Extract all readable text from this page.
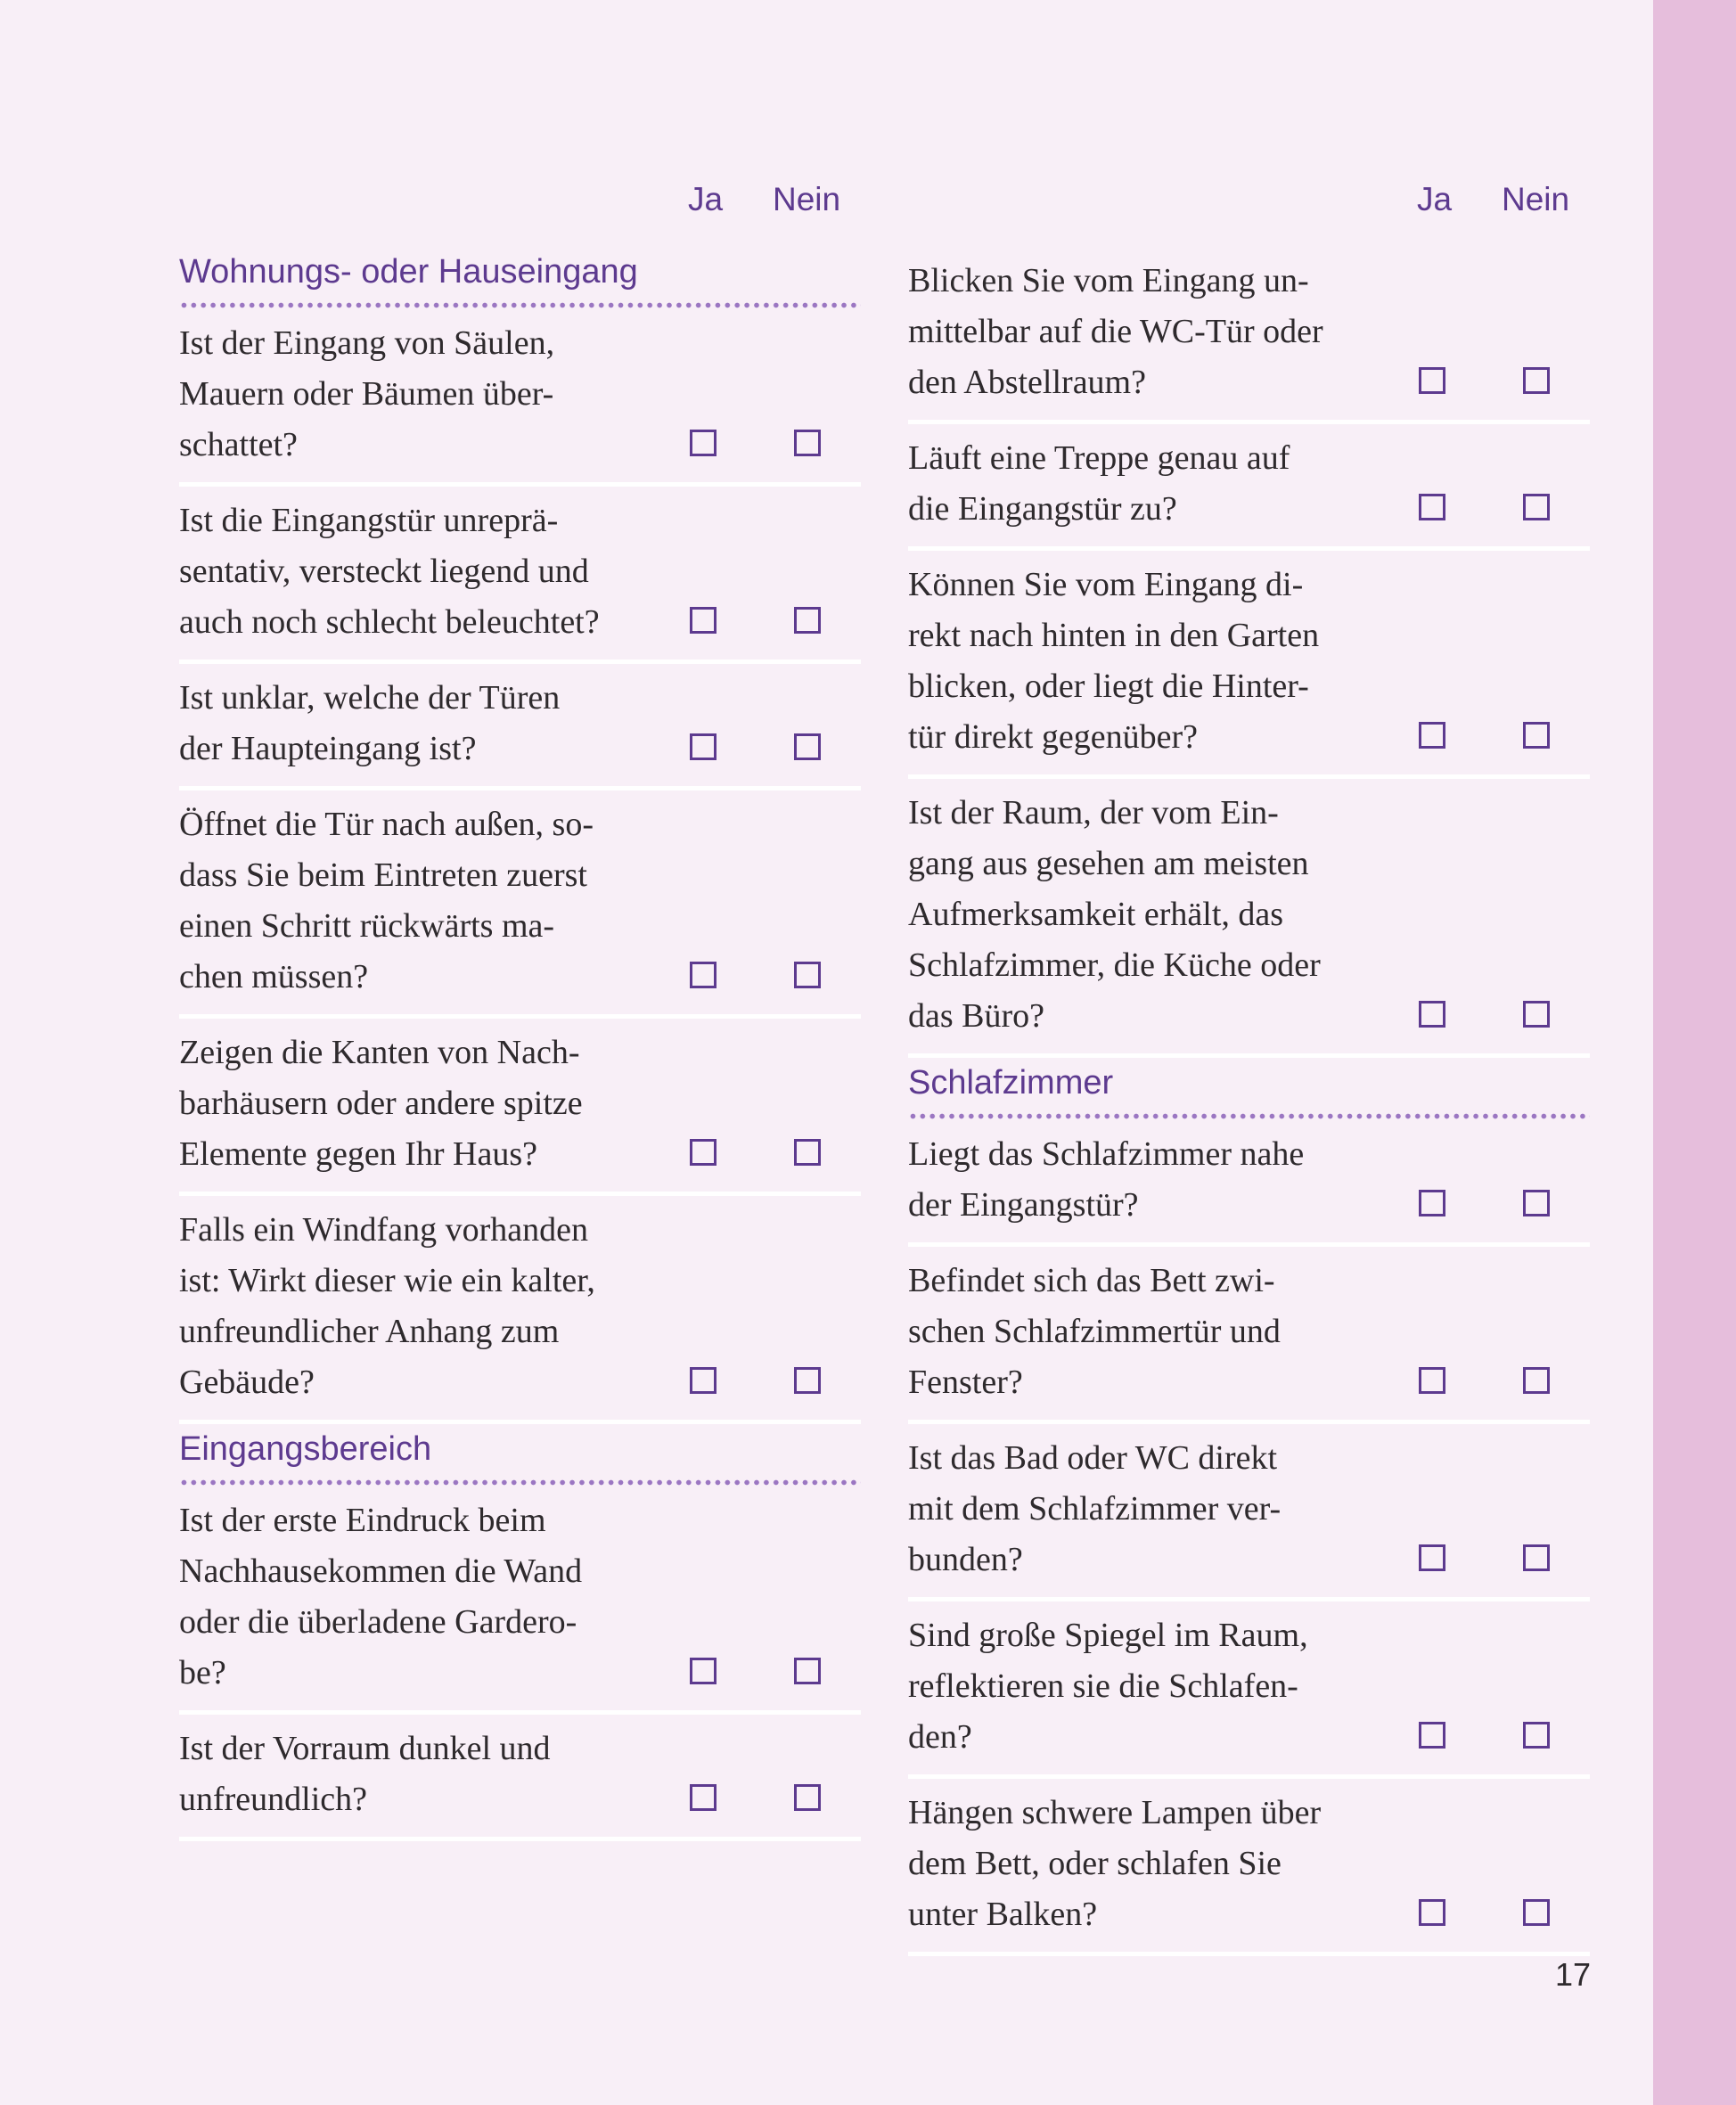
Ja Nein
Wohnungs- oder Hauseingang
Ist der Eingang von Säulen,
Mauern oder Bäumen über-
schattet?
Ist die Eingangstür unreprä-
sentativ, versteckt liegend und
auch noch schlecht beleuchtet?
Ist unklar, welche der Türen
der Haupteingang ist?
Öffnet die Tür nach außen, so-
dass Sie beim Eintreten zuerst
einen Schritt rückwärts ma-
chen müssen?
Zeigen die Kanten von Nach-
barhäusern oder andere spitze
Elemente gegen Ihr Haus?
Falls ein Windfang vorhanden
ist: Wirkt dieser wie ein kalter,
unfreundlicher Anhang zum
Gebäude?
Eingangsbereich
Ist der erste Eindruck beim
Nachhausekommen die Wand
oder die überladene Gardero-
be?
Ist der Vorraum dunkel und
unfreundlich?
Ja Nein
Blicken Sie vom Eingang un-
mittelbar auf die WC-Tür oder
den Abstellraum?
Läuft eine Treppe genau auf
die Eingangstür zu?
Können Sie vom Eingang di-
rekt nach hinten in den Garten
blicken, oder liegt die Hinter-
tür direkt gegenüber?
Ist der Raum, der vom Ein-
gang aus gesehen am meisten
Aufmerksamkeit erhält, das
Schlafzimmer, die Küche oder
das Büro?
Schlafzimmer
Liegt das Schlafzimmer nahe
der Eingangstür?
Befindet sich das Bett zwi-
schen Schlafzimmertür und
Fenster?
Ist das Bad oder WC direkt
mit dem Schlafzimmer ver-
bunden?
Sind große Spiegel im Raum,
reflektieren sie die Schlafen-
den?
Hängen schwere Lampen über
dem Bett, oder schlafen Sie
unter Balken?
17
